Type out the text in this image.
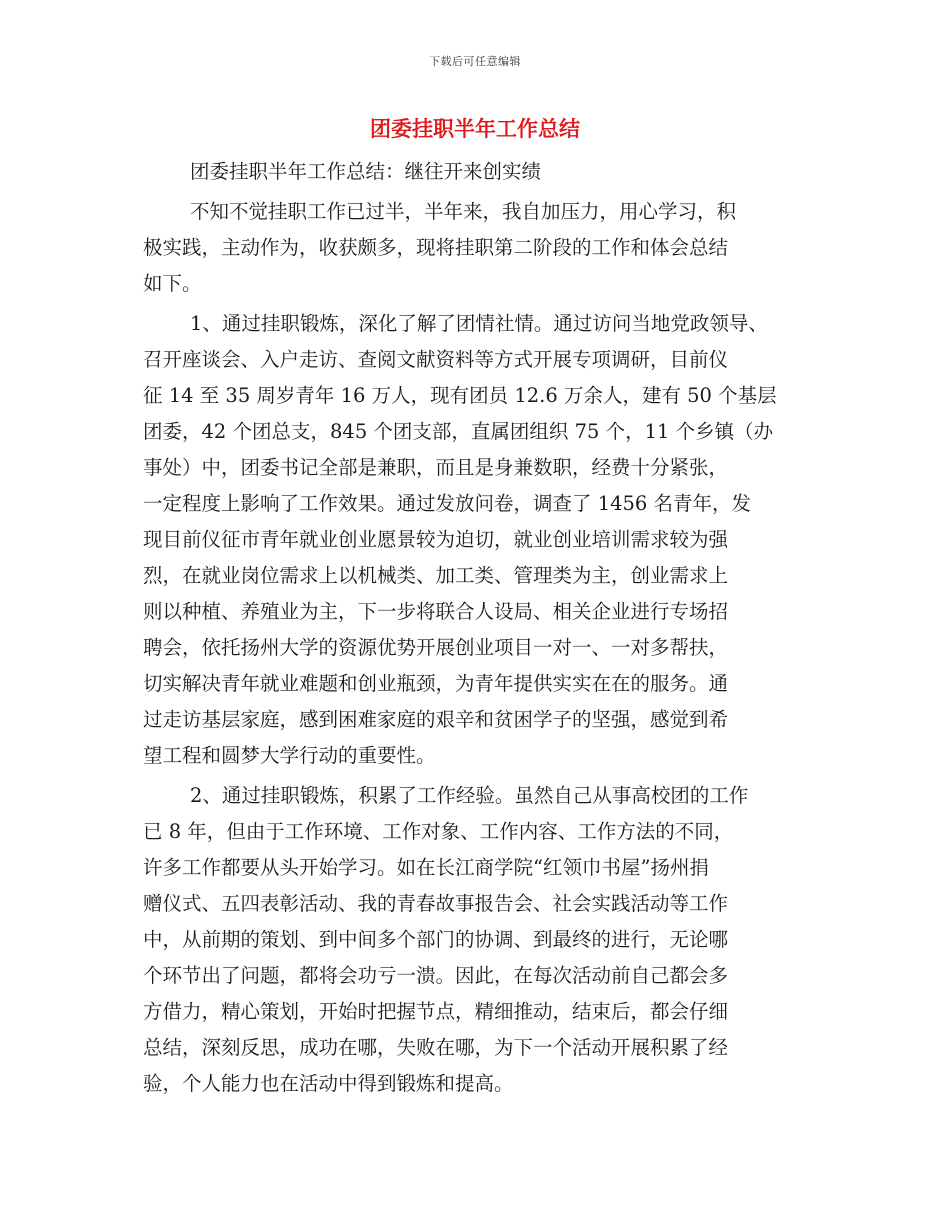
下载后可任意编辑
团委挂职半年工作总结
团委挂职半年工作总结：继往开来创实绩
不知不觉挂职工作已过半，半年来，我自加压力，用心学习，积
极实践，主动作为，收获颇多，现将挂职第二阶段的工作和体会总结
如下。
1、通过挂职锻炼，深化了解了团情社情。通过访问当地党政领导、
召开座谈会、入户走访、查阅文献资料等方式开展专项调研，目前仪
征 14 至 35 周岁青年 16 万人，现有团员 12.6 万余人，建有 50 个基层
团委，42 个团总支，845 个团支部，直属团组织 75 个，11 个乡镇（办
事处）中，团委书记全部是兼职，而且是身兼数职，经费十分紧张，
一定程度上影响了工作效果。通过发放问卷，调查了 1456 名青年，发
现目前仪征市青年就业创业愿景较为迫切，就业创业培训需求较为强
烈，在就业岗位需求上以机械类、加工类、管理类为主，创业需求上
则以种植、养殖业为主，下一步将联合人设局、相关企业进行专场招
聘会，依托扬州大学的资源优势开展创业项目一对一、一对多帮扶，
切实解决青年就业难题和创业瓶颈，为青年提供实实在在的服务。通
过走访基层家庭，感到困难家庭的艰辛和贫困学子的坚强，感觉到希
望工程和圆梦大学行动的重要性。
2、通过挂职锻炼，积累了工作经验。虽然自己从事高校团的工作
已 8 年，但由于工作环境、工作对象、工作内容、工作方法的不同，
许多工作都要从头开始学习。如在长江商学院“红领巾书屋”扬州捐
赠仪式、五四表彰活动、我的青春故事报告会、社会实践活动等工作
中，从前期的策划、到中间多个部门的协调、到最终的进行，无论哪
个环节出了问题，都将会功亏一溃。因此，在每次活动前自己都会多
方借力，精心策划，开始时把握节点，精细推动，结束后，都会仔细
总结，深刻反思，成功在哪，失败在哪，为下一个活动开展积累了经
验，个人能力也在活动中得到锻炼和提高。
